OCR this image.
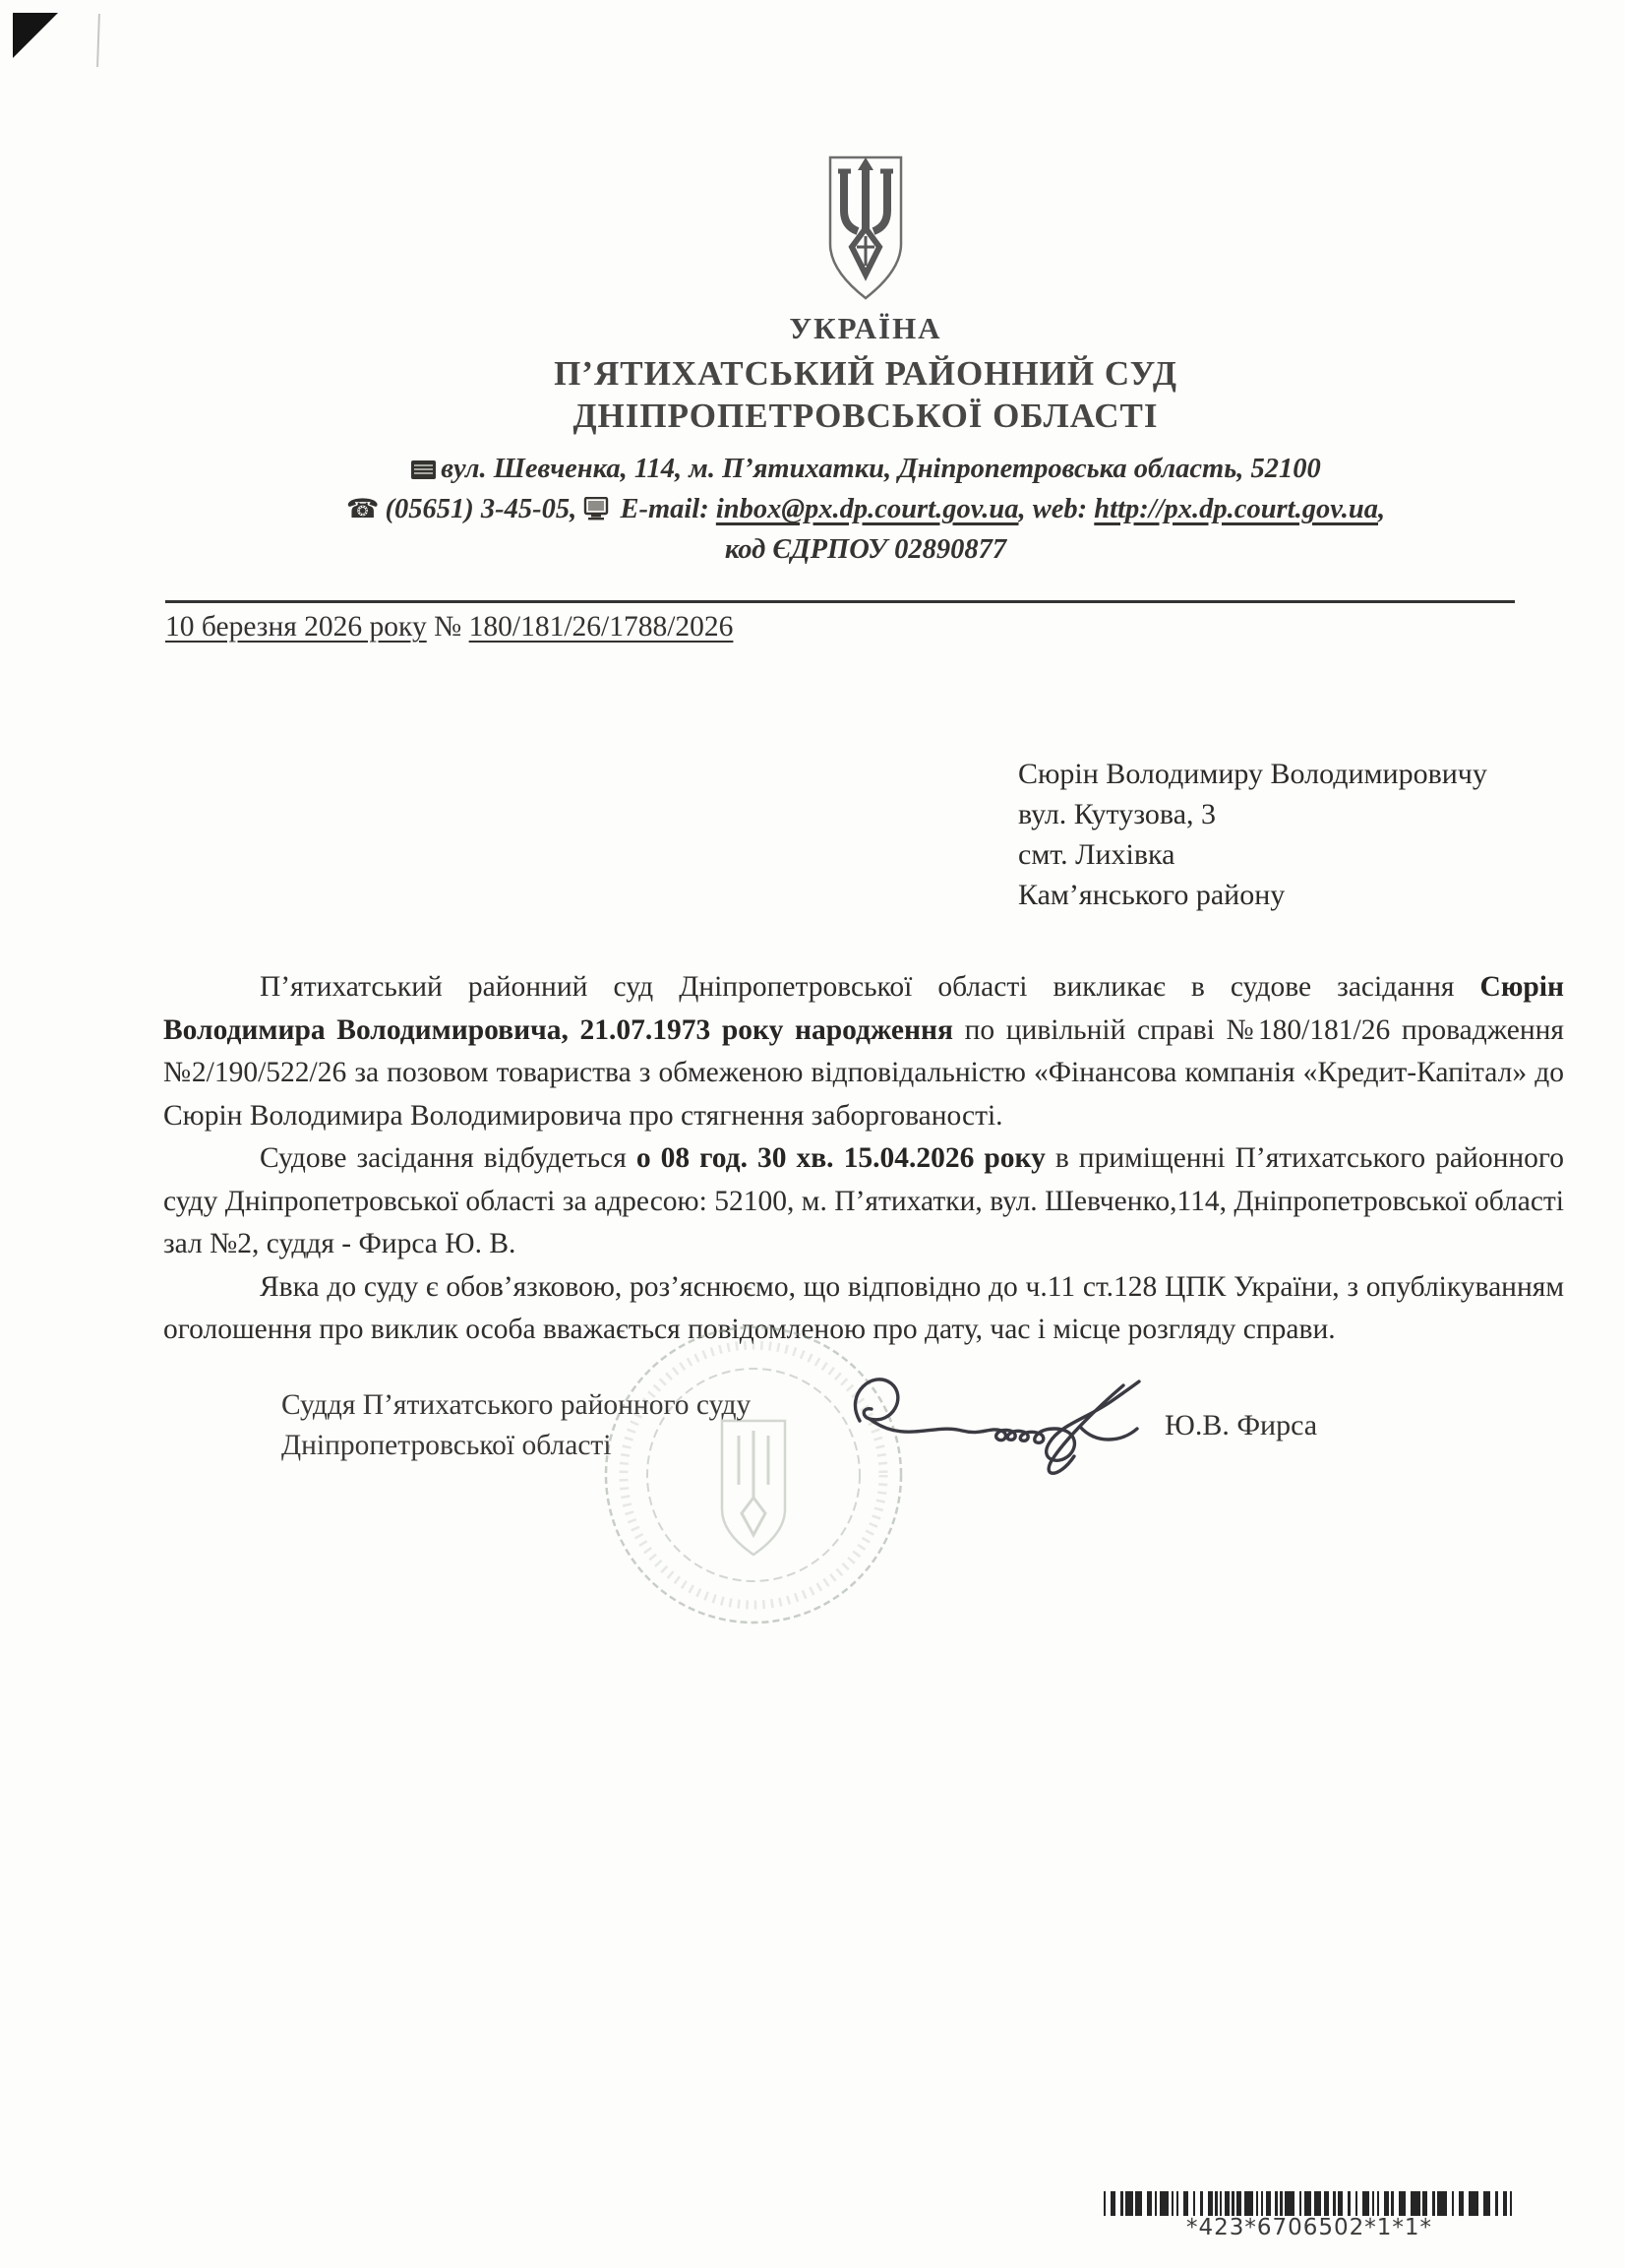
УКРАЇНА
П’ЯТИХАТСЬКИЙ РАЙОННИЙ СУД
ДНІПРОПЕТРОВСЬКОЇ ОБЛАСТІ
вул. Шевченка, 114, м. П’ятихатки, Дніпропетровська область, 52100
☎ (05651) 3-45-05, E-mail: inbox@px.dp.court.gov.ua, web: http://px.dp.court.gov.ua,
код ЄДРПОУ 02890877
10 березня 2026 року № 180/181/26/1788/2026
Сюрін Володимиру Володимировичу
вул. Кутузова, 3
смт. Лихівка
Кам’янського району

П’ятихатський районний суд Дніпропетровської області викликає в судове засідання Сюрін Володимира Володимировича, 21.07.1973 року народження по цивільній справі №180/181/26 провадження №2/190/522/26 за позовом товариства з обмеженою відповідальністю «Фінансова компанія «Кредит-Капітал» до Сюрін Володимира Володимировича про стягнення заборгованості.

Судове засідання відбудеться о 08 год. 30 хв. 15.04.2026 року в приміщенні П’ятихатського районного суду Дніпропетровської області за адресою: 52100, м. П’ятихатки, вул. Шевченко,114, Дніпропетровської області зал №2, суддя - Фирса Ю. В.

Явка до суду є обов’язковою, роз’яснюємо, що відповідно до ч.11 ст.128 ЦПК України, з опублікуванням оголошення про виклик особа вважається повідомленою про дату, час і місце розгляду справи.

Суддя П’ятихатського районного суду
Дніпропетровської області
Ю.В. Фирса
*423*6706502*1*1*
